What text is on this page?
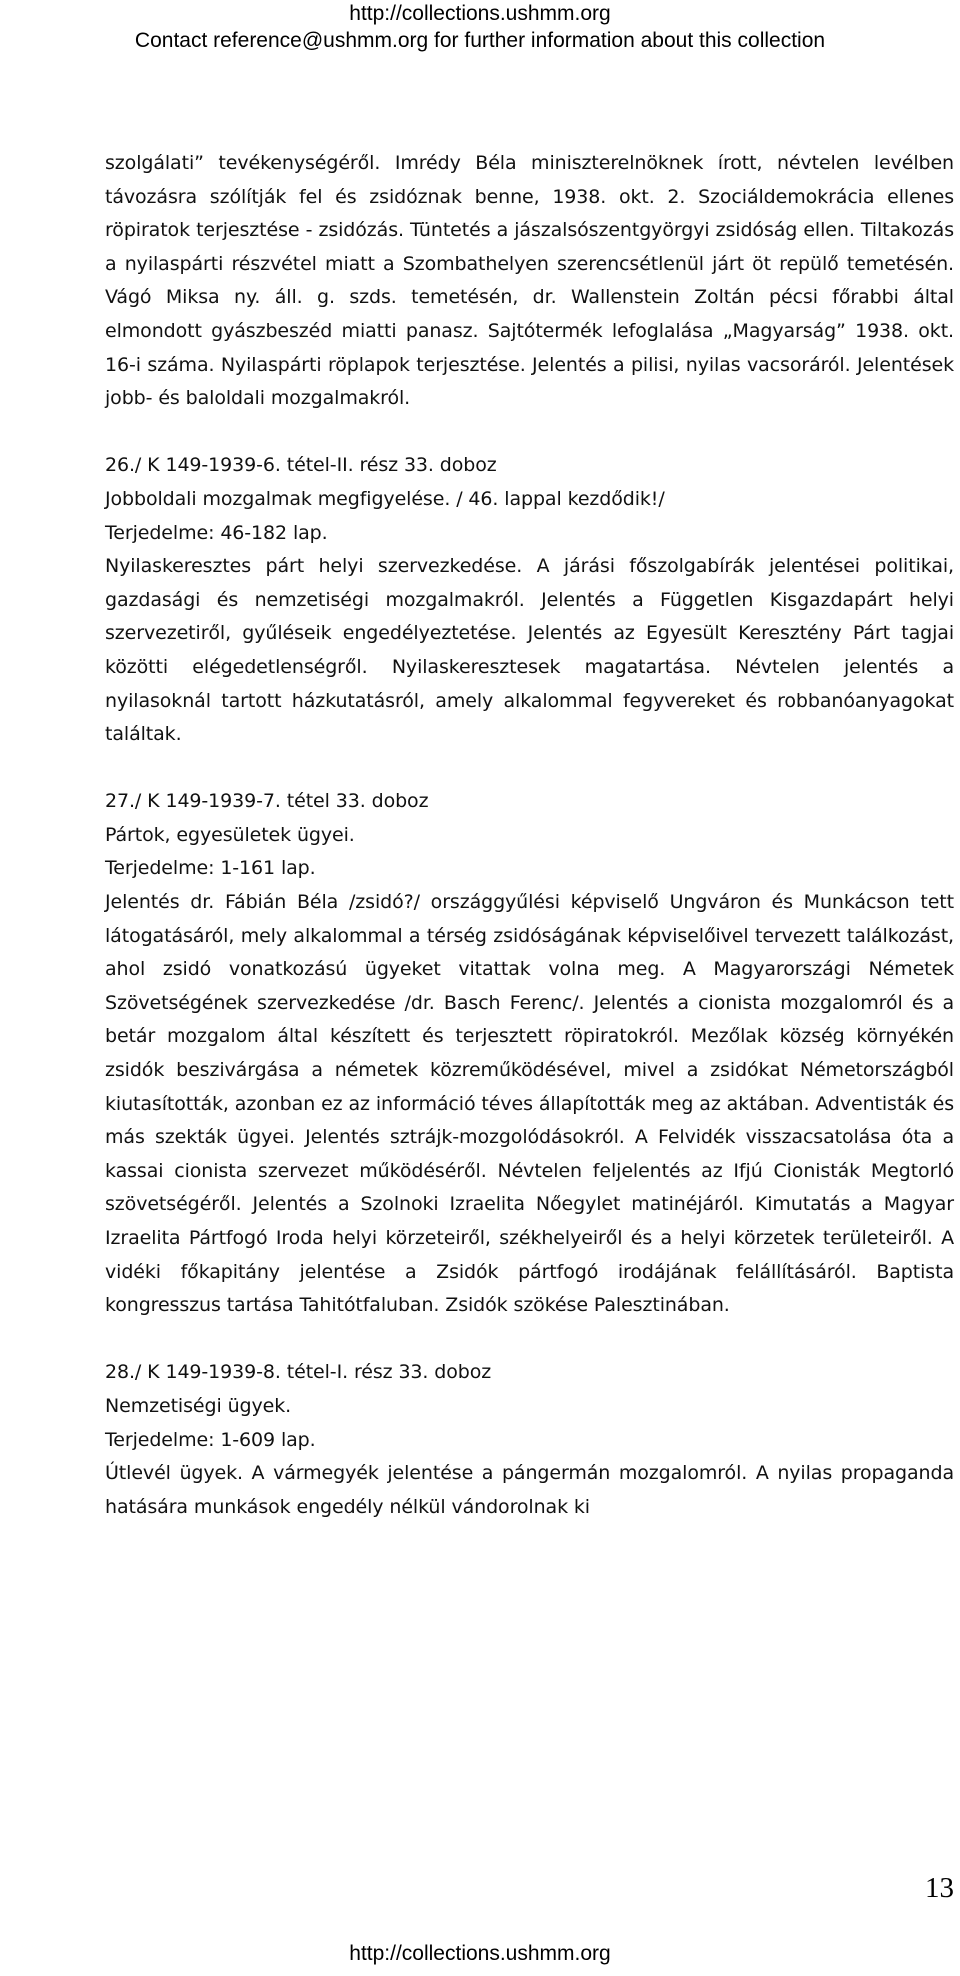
http://collections.ushmm.org
Contact reference@ushmm.org for further information about this collection

szolgálati” tevékenységéről. Imrédy Béla miniszterelnöknek írott, névtelen levélben távozásra szólítják fel és zsidóznak benne, 1938. okt. 2. Szociáldemokrácia ellenes röpiratok terjesztése - zsidózás. Tüntetés a jászalsószentgyörgyi zsidóság ellen. Tiltakozás a nyilaspárti részvétel miatt a Szombathelyen szerencsétlenül járt öt repülő temetésén. Vágó Miksa ny. áll. g. szds. temetésén, dr. Wallenstein Zoltán pécsi főrabbi által elmondott gyászbeszéd miatti panasz. Sajtótermék lefoglalása „Magyarság” 1938. okt. 16-i száma. Nyilaspárti röplapok terjesztése. Jelentés a pilisi, nyilas vacsoráról. Jelentések jobb- és baloldali mozgalmakról.

26./ K 149-1939-6. tétel-II. rész 33. doboz

Jobboldali mozgalmak megfigyelése. / 46. lappal kezdődik!/

Terjedelme: 46-182 lap.

Nyilaskeresztes párt helyi szervezkedése. A járási főszolgabírák jelentései politikai, gazdasági és nemzetiségi mozgalmakról. Jelentés a Független Kisgazdapárt helyi szervezetiről, gyűléseik engedélyeztetése. Jelentés az Egyesült Keresztény Párt tagjai közötti elégedetlenségről. Nyilaskeresztesek magatartása. Névtelen jelentés a nyilasoknál tartott házkutatásról, amely alkalommal fegyvereket és robbanóanyagokat találtak.

27./ K 149-1939-7. tétel 33. doboz

Pártok, egyesületek ügyei.

Terjedelme: 1-161 lap.

Jelentés dr. Fábián Béla /zsidó?/ országgyűlési képviselő Ungváron és Munkácson tett látogatásáról, mely alkalommal a térség zsidóságának képviselőivel tervezett találkozást, ahol zsidó vonatkozású ügyeket vitattak volna meg. A Magyarországi Németek Szövetségének szervezkedése /dr. Basch Ferenc/. Jelentés a cionista mozgalomról és a betár mozgalom által készített és terjesztett röpiratokról. Mezőlak község környékén zsidók beszivárgása a németek közreműködésével, mivel a zsidókat Németországból kiutasították, azonban ez az információ téves állapították meg az aktában. Adventisták és más szekták ügyei. Jelentés sztrájk-mozgolódásokról. A Felvidék visszacsatolása óta a kassai cionista szervezet működéséről. Névtelen feljelentés az Ifjú Cionisták Megtorló szövetségéről. Jelentés a Szolnoki Izraelita Nőegylet matinéjáról. Kimutatás a Magyar Izraelita Pártfogó Iroda helyi körzeteiről, székhelyeiről és a helyi körzetek területeiről. A vidéki főkapitány jelentése a Zsidók pártfogó irodájának felállításáról. Baptista kongresszus tartása Tahitótfaluban. Zsidók szökése Palesztinában.

28./ K 149-1939-8. tétel-I. rész 33. doboz

Nemzetiségi ügyek.

Terjedelme: 1-609 lap.

Útlevél ügyek. A vármegyék jelentése a pángermán mozgalomról. A nyilas propaganda hatására munkások engedély nélkül vándorolnak ki

13
http://collections.ushmm.org
